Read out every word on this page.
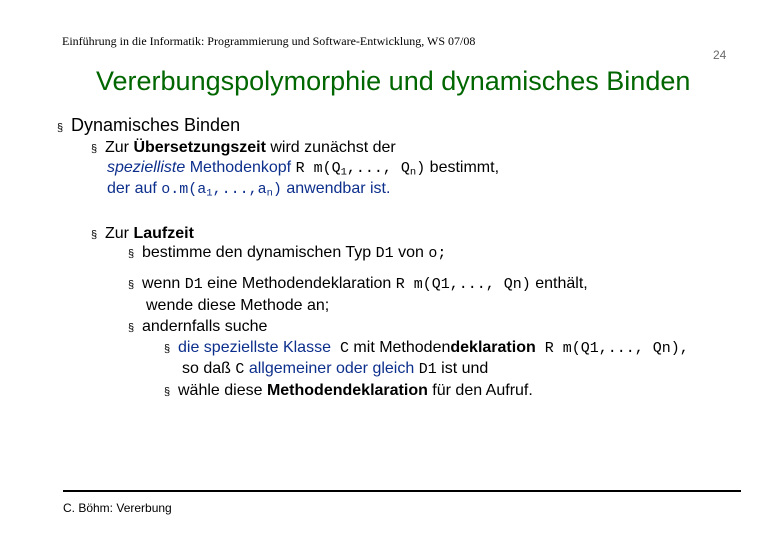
Einführung in die Informatik: Programmierung und Software-Entwicklung, WS 07/08
24
Vererbungspolymorphie und dynamisches Binden
§ Dynamisches Binden
§ Zur Übersetzungszeit wird zunächst der
spezielliste Methodenkopf R $m(Q_1$,..., $Q_n$) bestimmt,
der auf $o.m(a_1,...,a_n)$ anwendbar ist.
§ Zur Laufzeit
§ bestimme den dynamischen Typ D1 von o;
§ wenn D1 eine Methodendeklaration R m(Q1,..., Qn) enthält,
wende diese Methode an;
§ andernfalls suche
§ die speziellste Klasse C mit Methodendeklaration R m(Q1,..., Qn),
so daß C allgemeiner oder gleich D1 ist und
§ wähle diese Methodendeklaration für den Aufruf.
C. Böhm: Vererbung
